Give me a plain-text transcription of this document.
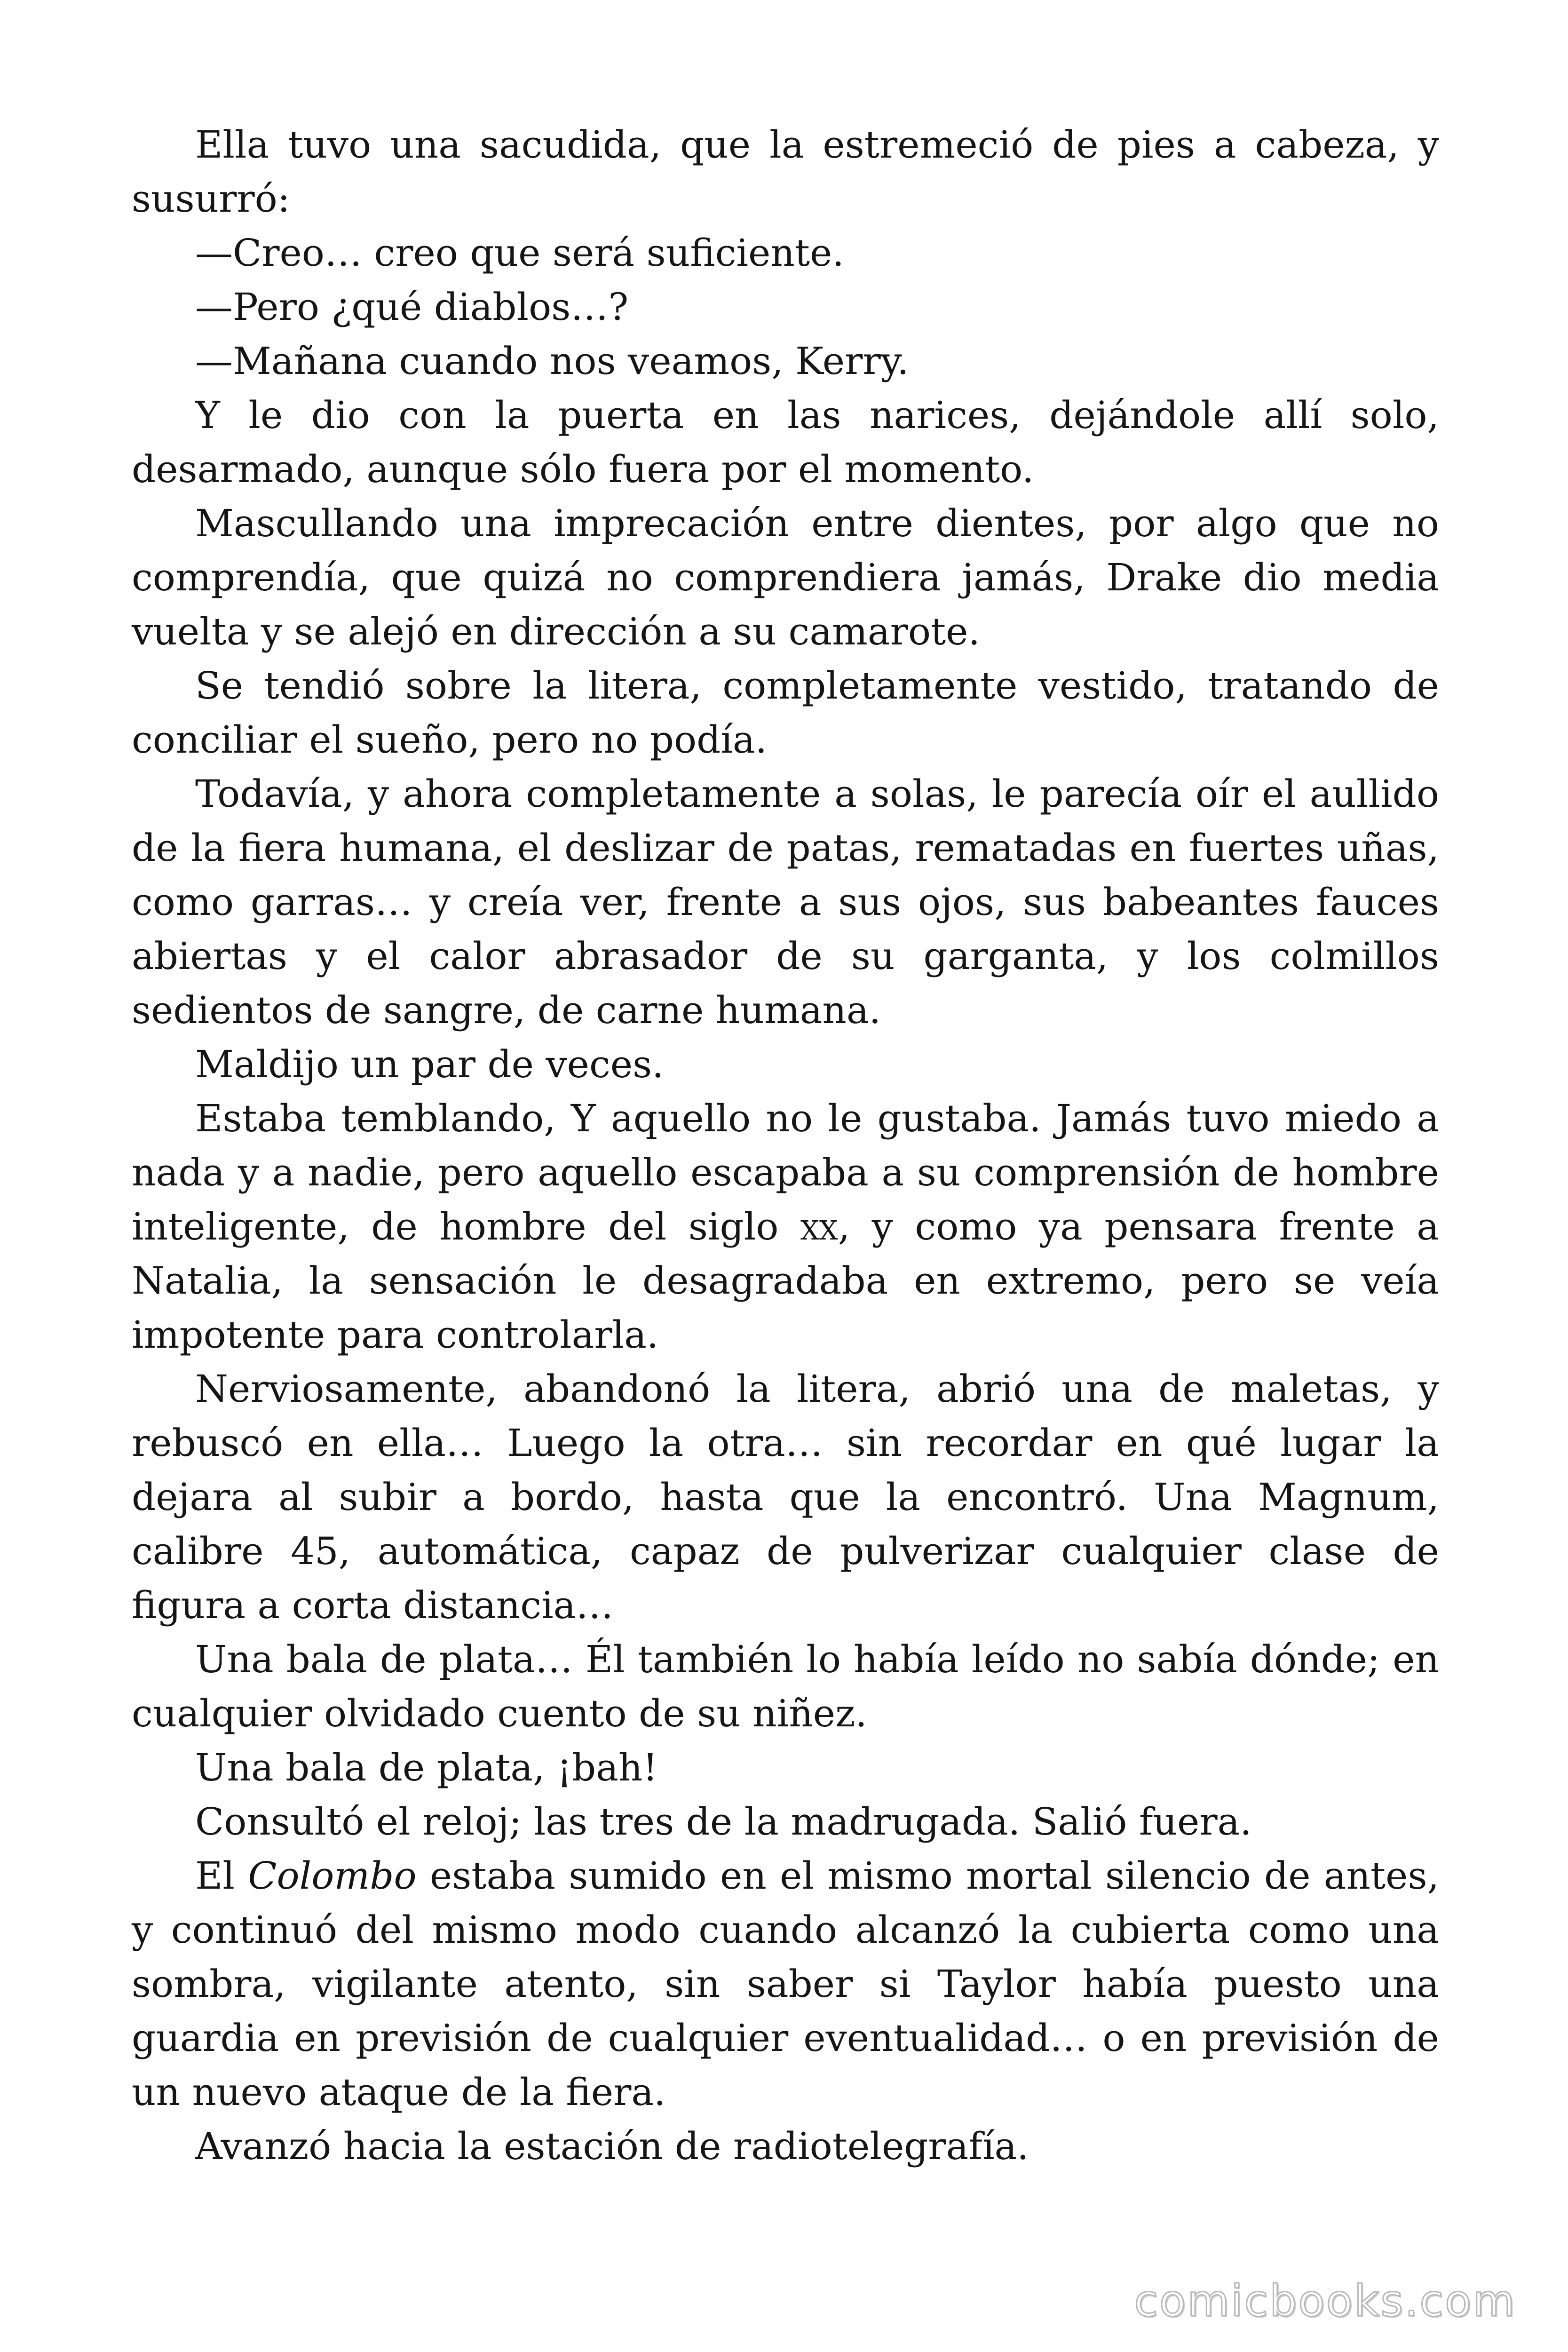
Ella tuvo una sacudida, que la estremeció de pies a cabeza, y susurró:

—Creo… creo que será suficiente.

—Pero ¿qué diablos…?

—Mañana cuando nos veamos, Kerry.

Y le dio con la puerta en las narices, dejándole allí solo, desarmado, aunque sólo fuera por el momento.

Mascullando una imprecación entre dientes, por algo que no comprendía, que quizá no comprendiera jamás, Drake dio media vuelta y se alejó en dirección a su camarote.

Se tendió sobre la litera, completamente vestido, tratando de conciliar el sueño, pero no podía.

Todavía, y ahora completamente a solas, le parecía oír el aullido de la fiera humana, el deslizar de patas, rematadas en fuertes uñas, como garras… y creía ver, frente a sus ojos, sus babeantes fauces abiertas y el calor abrasador de su garganta, y los colmillos sedientos de sangre, de carne humana.

Maldijo un par de veces.

Estaba temblando, Y aquello no le gustaba. Jamás tuvo miedo a nada y a nadie, pero aquello escapaba a su comprensión de hombre inteligente, de hombre del siglo xx, y como ya pensara frente a Natalia, la sensación le desagradaba en extremo, pero se veía impotente para controlarla.

Nerviosamente, abandonó la litera, abrió una de maletas, y rebuscó en ella… Luego la otra… sin recordar en qué lugar la dejara al subir a bordo, hasta que la encontró. Una Magnum, calibre 45, automática, capaz de pulverizar cualquier clase de figura a corta distancia…

Una bala de plata… Él también lo había leído no sabía dónde; en cualquier olvidado cuento de su niñez.

Una bala de plata, ¡bah!

Consultó el reloj; las tres de la madrugada. Salió fuera.

El Colombo estaba sumido en el mismo mortal silencio de antes, y continuó del mismo modo cuando alcanzó la cubierta como una sombra, vigilante atento, sin saber si Taylor había puesto una guardia en previsión de cualquier eventualidad… o en previsión de un nuevo ataque de la fiera.

Avanzó hacia la estación de radiotelegrafía.

comicbooks.com
